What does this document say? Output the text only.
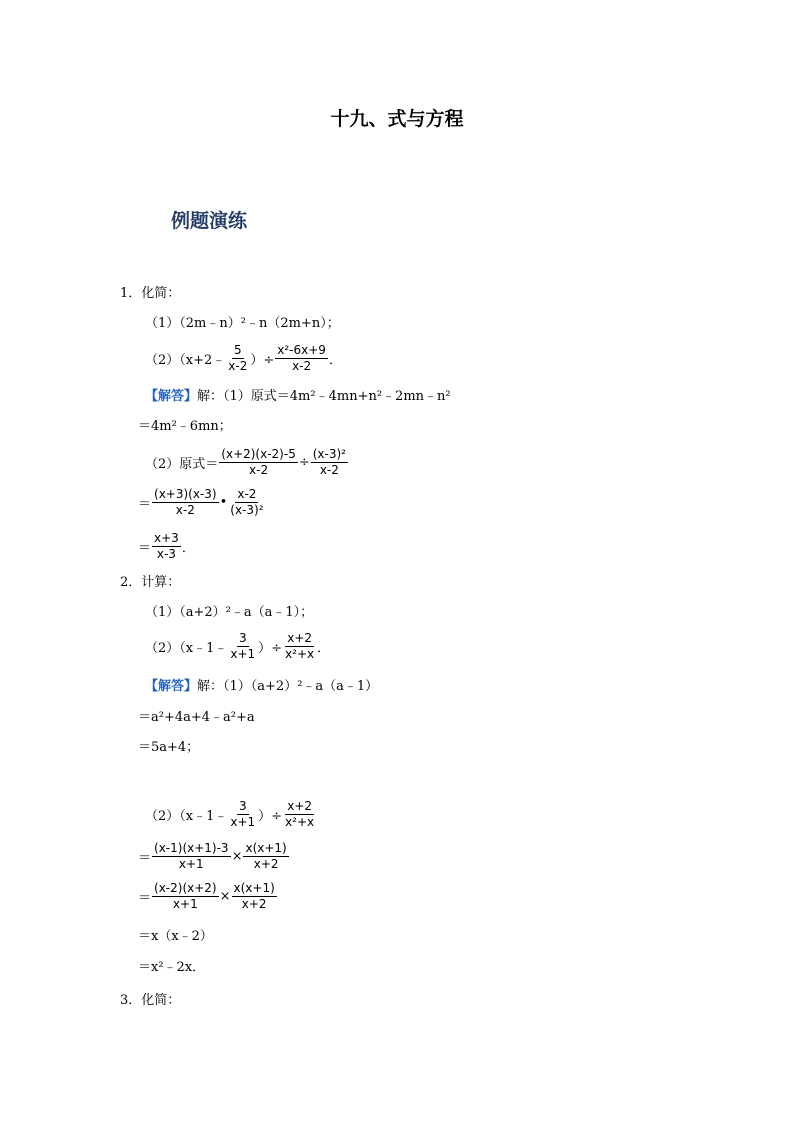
十九、式与方程
例题演练
1．化简：
（1）（2m﹣n）²﹣n（2m+n）；
（2）（x+2﹣ $\frac{5}{x-2}$ ）÷ $\frac{\text{x²-6x+9}}{x-2}$ ．
【解答】 解：（1）原式＝4m²﹣4mn+n²﹣2mn﹣n²
＝4m²﹣6mn；
（2）原式＝ $\frac{(x+2)(x-2)-5}{x-2} \div \frac{\text{(x-3)²}}{x-2}$
＝ $\frac{(x+3)(x-3)}{x-2}$ • $\frac{x-2}{\text{(x-3)²}}$
＝ $\frac{x+3}{x-3}$ ．
2．计算：
（1）（a+2）²﹣a（a﹣1）；
（2）（x﹣1﹣ $\frac{3}{x+1}$ ）÷ $\frac{x+2}{\text{x²+x}}$ ．
【解答】 解：（1）（a+2）²﹣a（a﹣1）
＝a²+4a+4﹣a²+a
＝5a+4；
（2）（x﹣1﹣ $\frac{3}{x+1}$ ）÷ $\frac{x+2}{\text{x²+x}}$
＝ $\frac{(x-1)(x+1)-3}{x+1} \times \frac{x(x+1)}{x+2}$
＝ $\frac{(x-2)(x+2)}{x+1} \times \frac{x(x+1)}{x+2}$
＝x（x﹣2）
＝x²﹣2x．
3．化简：
